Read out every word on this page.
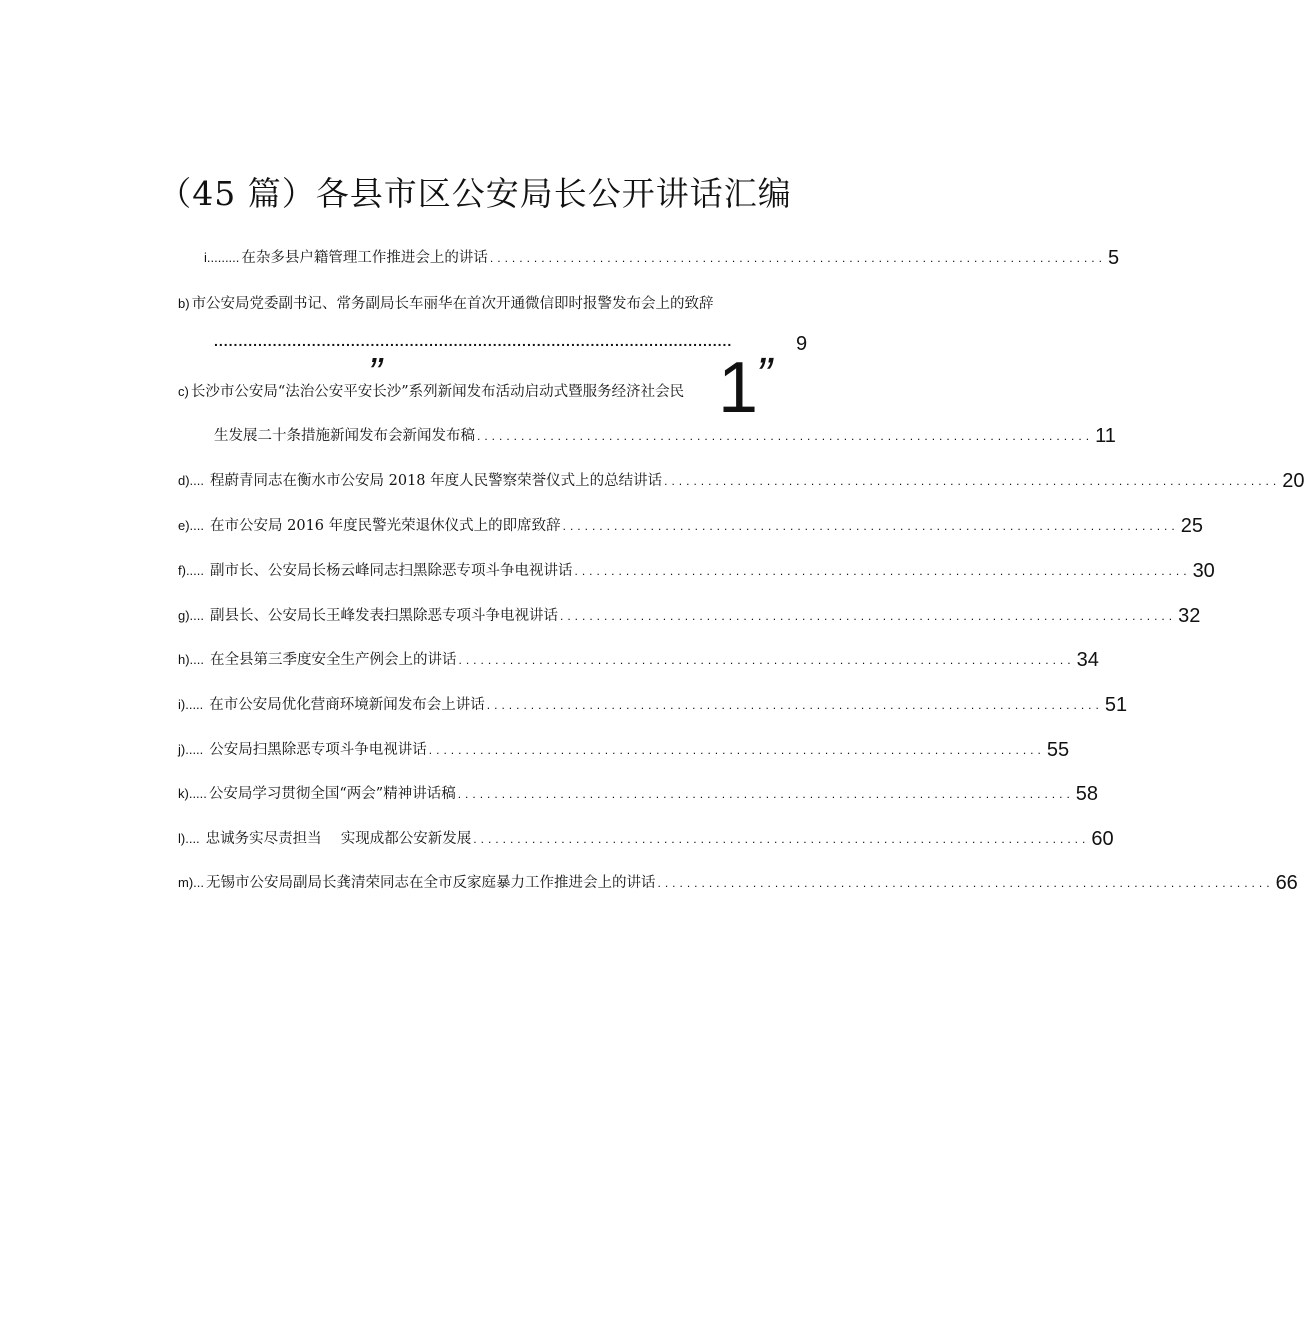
（45 篇）各县市区公安局长公开讲话汇编
i......... 在杂多县户籍管理工作推进会上的讲话 .................................................................................... 5
b) 市公安局党委副书记、常务副局长车丽华在首次开通微信即时报警发布会上的致辞
..........................................................................................................	9
c) 长沙市公安局“法治公安平安长沙”系列新闻发布活动启动式暨服务经济社会民
生发展二十条措施新闻发布会新闻发布稿 .................................................................................... 11
d).... 程蔚青同志在衡水市公安局 2018 年度人民警察荣誉仪式上的总结讲话 .................................................................................... 20
e).... 在市公安局 2016 年度民警光荣退休仪式上的即席致辞 .................................................................................... 25
f)..... 副市长、公安局长杨云峰同志扫黑除恶专项斗争电视讲话 .................................................................................... 30
g).... 副县长、公安局长王峰发表扫黑除恶专项斗争电视讲话 .................................................................................... 32
h).... 在全县第三季度安全生产例会上的讲话 .................................................................................... 34
i)..... 在市公安局优化营商环境新闻发布会上讲话 .................................................................................... 51
j)..... 公安局扫黑除恶专项斗争电视讲话 .................................................................................... 55
k)..... 公安局学习贯彻全国“两会”精神讲话稿 .................................................................................... 58
l).... 忠诚务实尽责担当　 实现成都公安新发展 .................................................................................... 60
m)... 无锡市公安局副局长龚清荣同志在全市反家庭暴力工作推进会上的讲话 .................................................................................... 66
”	1”
